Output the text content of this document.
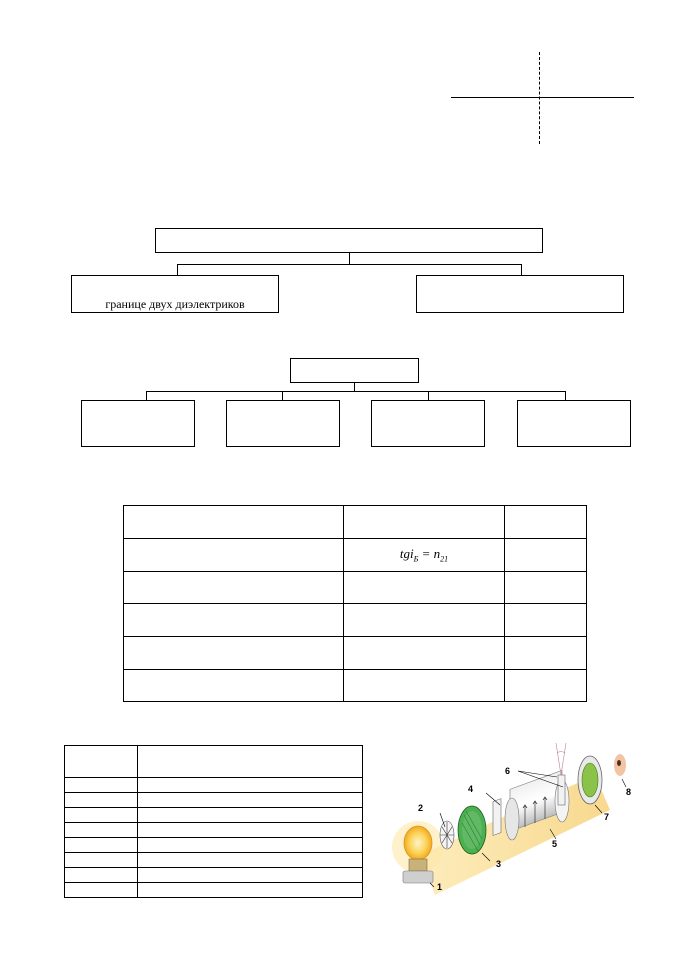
границе двух диэлектриков

	$tgi_Б = n_{21}$	

1
2
3
4
5
6
7
8
